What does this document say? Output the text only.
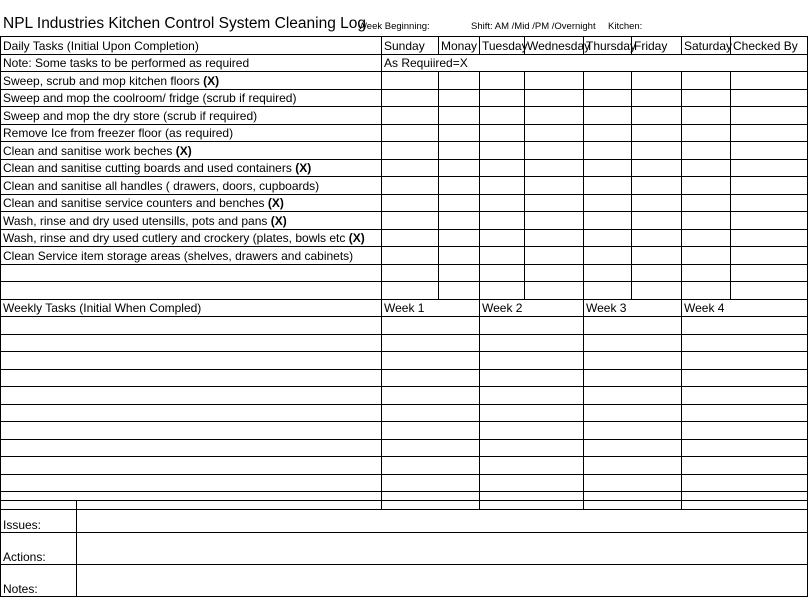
NPL Industries Kitchen Control System Cleaning Log
Week Beginning:	Shift: AM /Mid /PM /Overnight Kitchen:
Daily Tasks (Initial Upon Completion)	Sunday	Monay	Tuesday	Wednesday	Thursday	Friday	Saturday	Checked By
Note: Some tasks to be performed as required	As Requiired=X							
Sweep, scrub and mop kitchen floors (X)								
Sweep and mop the coolroom/ fridge (scrub if required)								
Sweep and mop the dry store (scrub if required)								
Remove Ice from freezer floor (as required)								
Clean and sanitise work beches (X)								
Clean and sanitise cutting boards and used containers (X)								
Clean and sanitise all handles ( drawers, doors, cupboards)								
Clean and sanitise service counters and benches (X)								
Wash, rinse and dry used utensills, pots and pans (X)								
Wash, rinse and dry used cutlery and crockery (plates, bowls etc (X)								
Clean Service item storage areas (shelves, drawers and cabinets)								

Weekly Tasks (Initial When Compled)	Week 1		Week 2		Week 3		Week 4	

Issues:	
Actions:	
Notes:	
